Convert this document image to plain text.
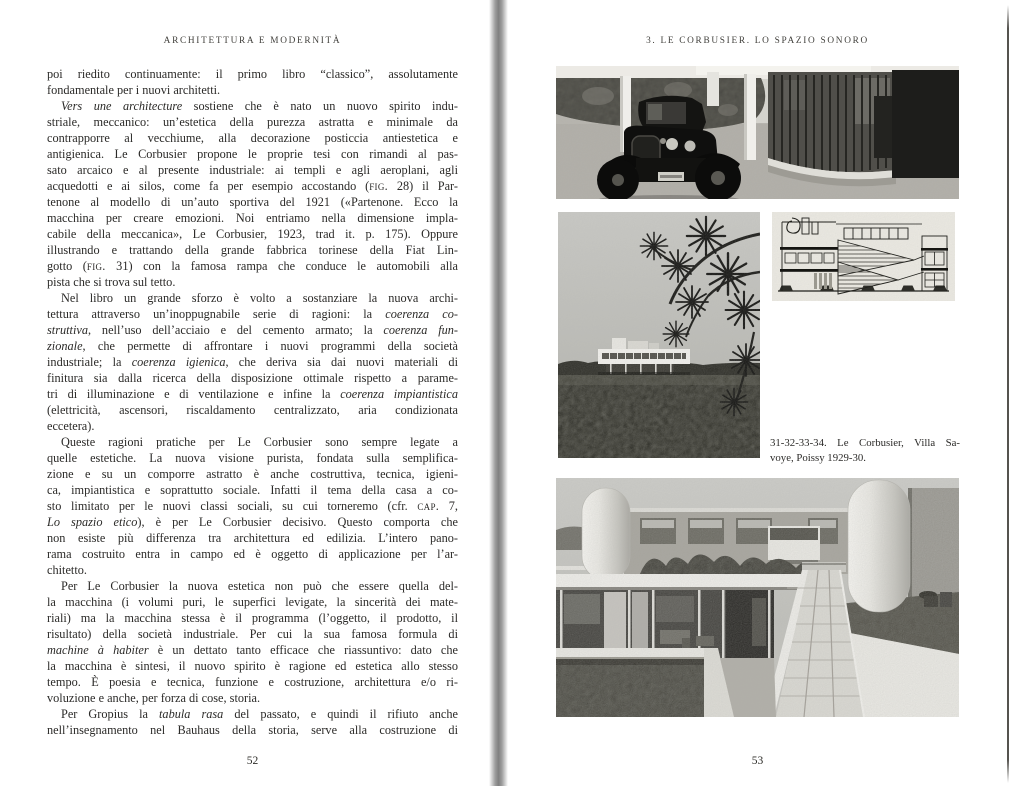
ARCHITETTURA E MODERNITÀ
poi riedito continuamente: il primo libro “classico”, assolutamente
fondamentale per i nuovi architetti.
Vers une architecture sostiene che è nato un nuovo spirito indu-
striale, meccanico: un’estetica della purezza astratta e minimale da
contrapporre al vecchiume, alla decorazione posticcia antiestetica e
antigienica. Le Corbusier propone le proprie tesi con rimandi al pas-
sato arcaico e al presente industriale: ai templi e agli aeroplani, agli
acquedotti e ai silos, come fa per esempio accostando (fig. 28) il Par-
tenone al modello di un’auto sportiva del 1921 («Partenone. Ecco la
macchina per creare emozioni. Noi entriamo nella dimensione impla-
cabile della meccanica», Le Corbusier, 1923, trad it. p. 175). Oppure
illustrando e trattando della grande fabbrica torinese della Fiat Lin-
gotto (fig. 31) con la famosa rampa che conduce le automobili alla
pista che si trova sul tetto.
Nel libro un grande sforzo è volto a sostanziare la nuova archi-
tettura attraverso un’inoppugnabile serie di ragioni: la coerenza co-
struttiva, nell’uso dell’acciaio e del cemento armato; la coerenza fun-
zionale, che permette di affrontare i nuovi programmi della società
industriale; la coerenza igienica, che deriva sia dai nuovi materiali di
finitura sia dalla ricerca della disposizione ottimale rispetto a parame-
tri di illuminazione e di ventilazione e infine la coerenza impiantistica
(elettricità, ascensori, riscaldamento centralizzato, aria condizionata
eccetera).
Queste ragioni pratiche per Le Corbusier sono sempre legate a
quelle estetiche. La nuova visione purista, fondata sulla semplifica-
zione e su un comporre astratto è anche costruttiva, tecnica, igieni-
ca, impiantistica e soprattutto sociale. Infatti il tema della casa a co-
sto limitato per le nuovi classi sociali, su cui torneremo (cfr. cap. 7,
Lo spazio etico), è per Le Corbusier decisivo. Questo comporta che
non esiste più differenza tra architettura ed edilizia. L’intero pano-
rama costruito entra in campo ed è oggetto di applicazione per l’ar-
chitetto.
Per Le Corbusier la nuova estetica non può che essere quella del-
la macchina (i volumi puri, le superfici levigate, la sincerità dei mate-
riali) ma la macchina stessa è il programma (l’oggetto, il prodotto, il
risultato) della società industriale. Per cui la sua famosa formula di
machine à habiter è un dettato tanto efficace che riassuntivo: dato che
la macchina è sintesi, il nuovo spirito è ragione ed estetica allo stesso
tempo. È poesia e tecnica, funzione e costruzione, architettura e/o ri-
voluzione e anche, per forza di cose, storia.
Per Gropius la tabula rasa del passato, e quindi il rifiuto anche
nell’insegnamento nel Bauhaus della storia, serve alla costruzione di
52
3. LE CORBUSIER. LO SPAZIO SONORO
31-32-33-34. Le Corbusier, Villa Sa-
voye, Poissy 1929-30.
53
